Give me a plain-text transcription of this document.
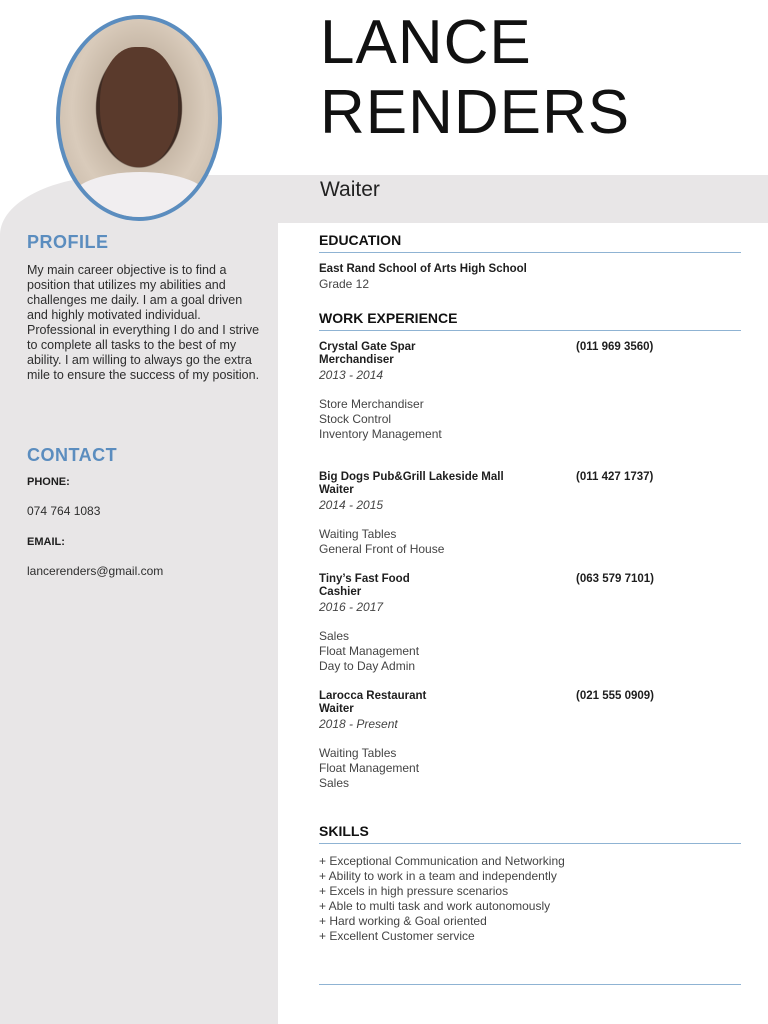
LANCE
RENDERS
Waiter
PROFILE
My main career objective is to find a position that utilizes my abilities and challenges me daily. I am a goal driven and highly motivated individual.
Professional in everything I do and I strive to complete all tasks to the best of my ability. I am willing to always go the extra mile to ensure the success of my position.
CONTACT
PHONE:
074 764 1083
EMAIL:
lancerenders@gmail.com
EDUCATION
East Rand School of Arts High School
Grade 12
WORK EXPERIENCE
Crystal Gate Spar	(011 969 3560)
Merchandiser
2013 - 2014
Store Merchandiser
Stock Control
Inventory Management
Big Dogs Pub&Grill Lakeside Mall	(011 427 1737)
Waiter
2014 - 2015
Waiting Tables
General Front of House
Tiny’s Fast Food	(063 579 7101)
Cashier
2016 - 2017
Sales
Float Management
Day to Day Admin
Larocca Restaurant	(021 555 0909)
Waiter
2018 - Present
Waiting Tables
Float Management
Sales
SKILLS
+ Exceptional Communication and Networking
+ Ability to work in a team and independently
+ Excels in high pressure scenarios
+ Able to multi task and work autonomously
+ Hard working & Goal oriented
+ Excellent Customer service
